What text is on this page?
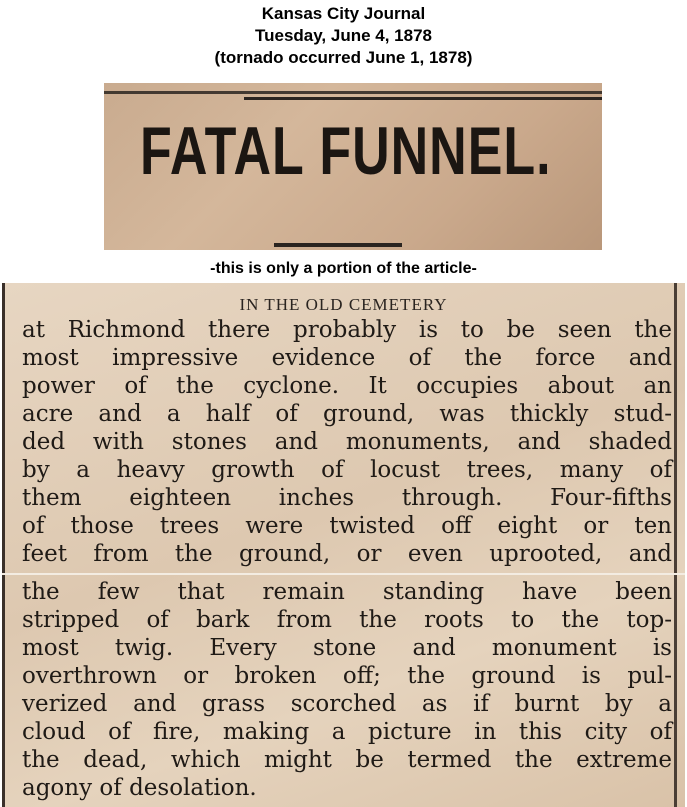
Kansas City Journal
Tuesday, June 4, 1878
(tornado occurred June 1, 1878)
FATAL FUNNEL.
-this is only a portion of the article-
IN THE OLD CEMETERY
at Richmond there probably is to be seen the
most impressive evidence of the force and
power of the cyclone. It occupies about an
acre and a half of ground, was thickly stud-
ded with stones and monuments, and shaded
by a heavy growth of locust trees, many of
them eighteen inches through. Four-fifths
of those trees were twisted off eight or ten
feet from the ground, or even uprooted, and
the few that remain standing have been
stripped of bark from the roots to the top-
most twig. Every stone and monument is
overthrown or broken off; the ground is pul-
verized and grass scorched as if burnt by a
cloud of fire, making a picture in this city of
the dead, which might be termed the extreme
agony of desolation.
